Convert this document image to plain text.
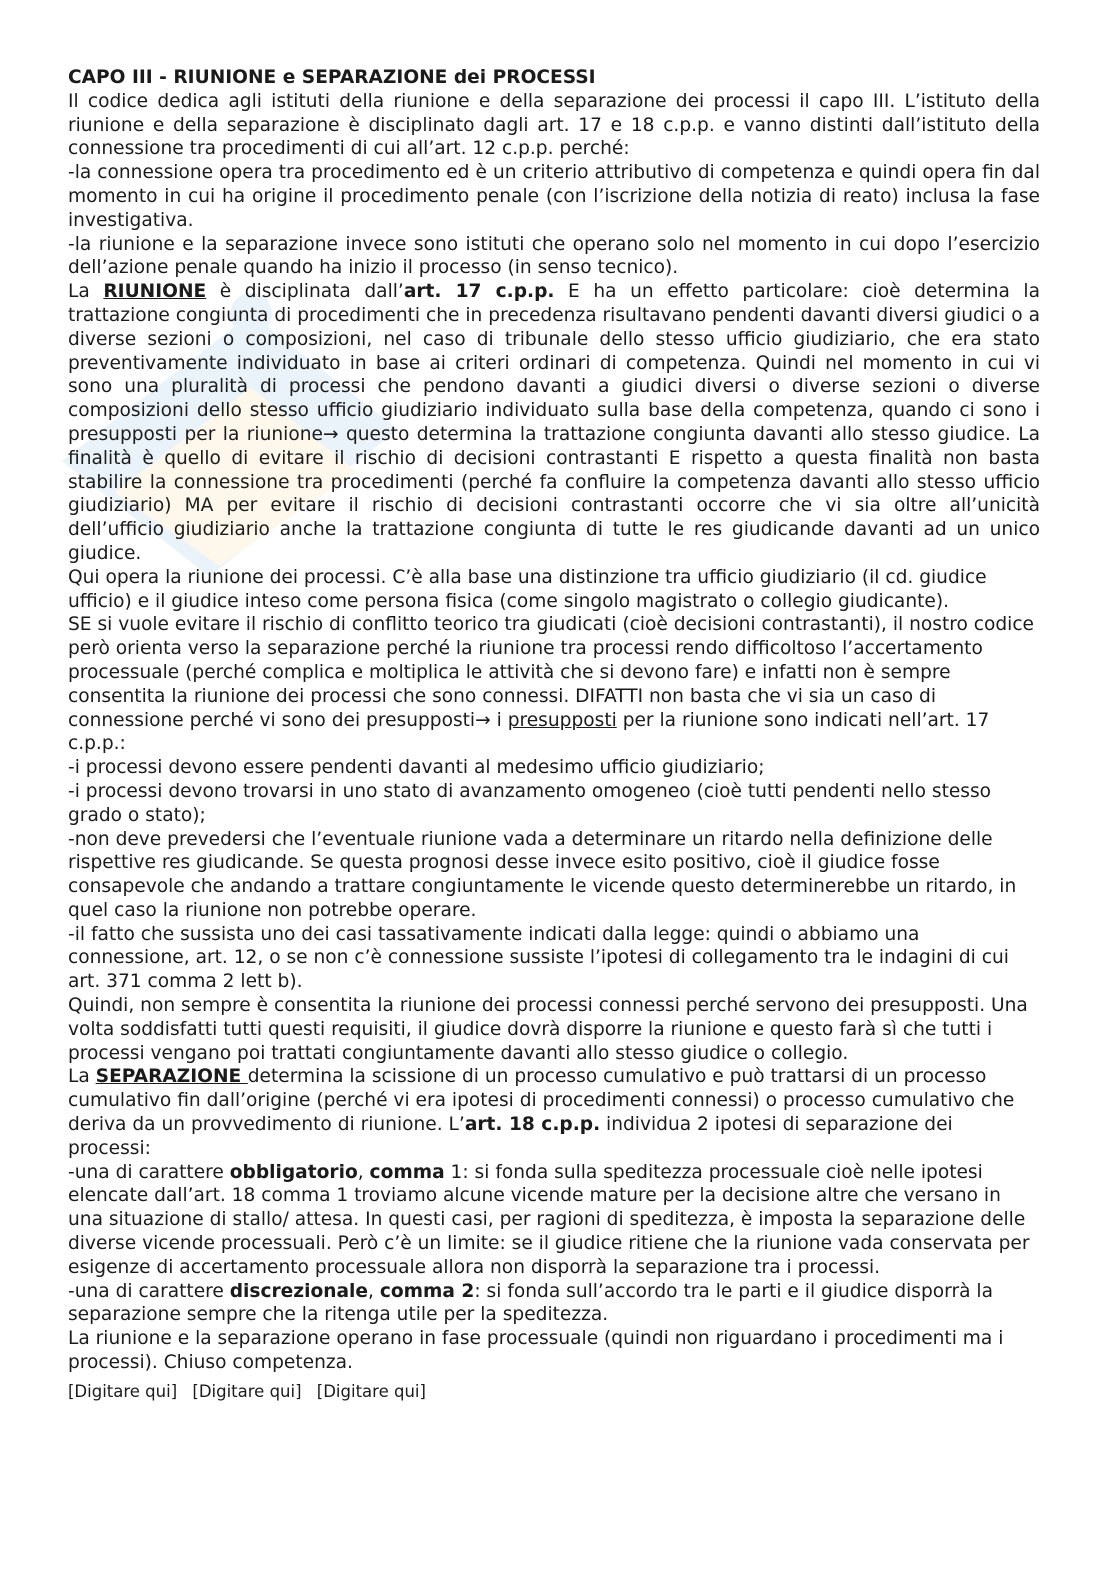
CAPO III - RIUNIONE e SEPARAZIONE dei PROCESSI

Il codice dedica agli istituti della riunione e della separazione dei processi il capo III. L’istituto della riunione e della separazione è disciplinato dagli art. 17 e 18 c.p.p. e vanno distinti dall’istituto della connessione tra procedimenti di cui all’art. 12 c.p.p. perché:

-la connessione opera tra procedimento ed è un criterio attributivo di competenza e quindi opera fin dal momento in cui ha origine il procedimento penale (con l’iscrizione della notizia di reato) inclusa la fase investigativa.

-la riunione e la separazione invece sono istituti che operano solo nel momento in cui dopo l’esercizio dell’azione penale quando ha inizio il processo (in senso tecnico).

La RIUNIONE è disciplinata dall’art. 17 c.p.p. E ha un effetto particolare: cioè determina la trattazione congiunta di procedimenti che in precedenza risultavano pendenti davanti diversi giudici o a diverse sezioni o composizioni, nel caso di tribunale dello stesso ufficio giudiziario, che era stato preventivamente individuato in base ai criteri ordinari di competenza. Quindi nel momento in cui vi sono una pluralità di processi che pendono davanti a giudici diversi o diverse sezioni o diverse composizioni dello stesso ufficio giudiziario individuato sulla base della competenza, quando ci sono i presupposti per la riunione→ questo determina la trattazione congiunta davanti allo stesso giudice. La finalità è quello di evitare il rischio di decisioni contrastanti E rispetto a questa finalità non basta stabilire la connessione tra procedimenti (perché fa confluire la competenza davanti allo stesso ufficio giudiziario) MA per evitare il rischio di decisioni contrastanti occorre che vi sia oltre all’unicità dell’ufficio giudiziario anche la trattazione congiunta di tutte le res giudicande davanti ad un unico giudice.

Qui opera la riunione dei processi. C’è alla base una distinzione tra ufficio giudiziario (il cd. giudice ufficio) e il giudice inteso come persona fisica (come singolo magistrato o collegio giudicante).

SE si vuole evitare il rischio di conflitto teorico tra giudicati (cioè decisioni contrastanti), il nostro codice però orienta verso la separazione perché la riunione tra processi rendo difficoltoso l’accertamento processuale (perché complica e moltiplica le attività che si devono fare) e infatti non è sempre consentita la riunione dei processi che sono connessi. DIFATTI non basta che vi sia un caso di connessione perché vi sono dei presupposti→ i presupposti per la riunione sono indicati nell’art. 17 c.p.p.:

-i processi devono essere pendenti davanti al medesimo ufficio giudiziario;

-i processi devono trovarsi in uno stato di avanzamento omogeneo (cioè tutti pendenti nello stesso grado o stato);

-non deve prevedersi che l’eventuale riunione vada a determinare un ritardo nella definizione delle rispettive res giudicande. Se questa prognosi desse invece esito positivo, cioè il giudice fosse consapevole che andando a trattare congiuntamente le vicende questo determinerebbe un ritardo, in quel caso la riunione non potrebbe operare.

-il fatto che sussista uno dei casi tassativamente indicati dalla legge: quindi o abbiamo una connessione, art. 12, o se non c’è connessione sussiste l’ipotesi di collegamento tra le indagini di cui art. 371 comma 2 lett b).

Quindi, non sempre è consentita la riunione dei processi connessi perché servono dei presupposti. Una volta soddisfatti tutti questi requisiti, il giudice dovrà disporre la riunione e questo farà sì che tutti i processi vengano poi trattati congiuntamente davanti allo stesso giudice o collegio.

La SEPARAZIONE determina la scissione di un processo cumulativo e può trattarsi di un processo cumulativo fin dall’origine (perché vi era ipotesi di procedimenti connessi) o processo cumulativo che deriva da un provvedimento di riunione. L’art. 18 c.p.p. individua 2 ipotesi di separazione dei processi:

-una di carattere obbligatorio, comma 1: si fonda sulla speditezza processuale cioè nelle ipotesi elencate dall’art. 18 comma 1 troviamo alcune vicende mature per la decisione altre che versano in una situazione di stallo/ attesa. In questi casi, per ragioni di speditezza, è imposta la separazione delle diverse vicende processuali. Però c’è un limite: se il giudice ritiene che la riunione vada conservata per esigenze di accertamento processuale allora non disporrà la separazione tra i processi.

-una di carattere discrezionale, comma 2: si fonda sull’accordo tra le parti e il giudice disporrà la separazione sempre che la ritenga utile per la speditezza.

La riunione e la separazione operano in fase processuale (quindi non riguardano i procedimenti ma i processi). Chiuso competenza.

[Digitare qui] [Digitare qui] [Digitare qui]
